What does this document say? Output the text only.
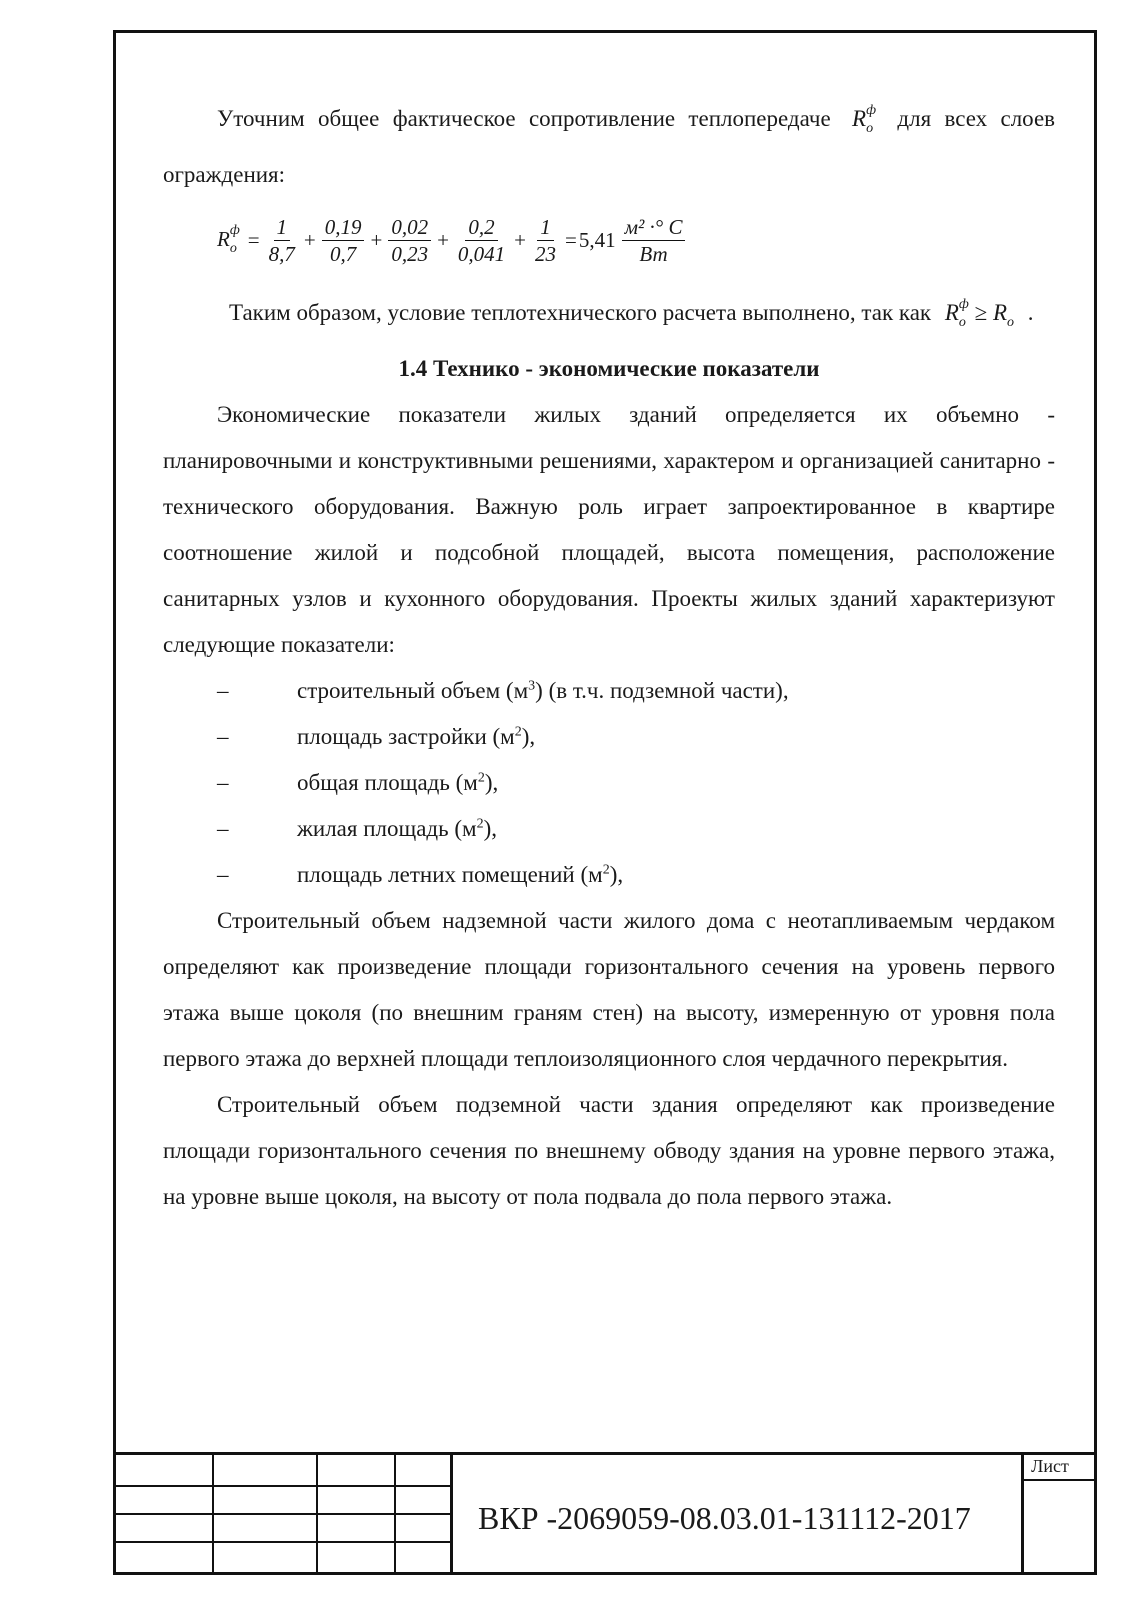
Уточним общее фактическое сопротивление теплопередаче $R_o^ф$ для всех слоев ограждения:

$R_o^ф = \frac{1}{8,7} + \frac{0,19}{0,7} + \frac{0,02}{0,23} + \frac{0,2}{0,041} + \frac{1}{23} = 5,41 \frac{\text{м² ·° С}}{Вт}$

Таким образом, условие теплотехнического расчета выполнено, так как $R_o^ф \ge R_o$ .

1.4 Технико - экономические показатели

Экономические показатели жилых зданий определяется их объемно - планировочными и конструктивными решениями, характером и организацией санитарно - технического оборудования. Важную роль играет запроектированное в квартире соотношение жилой и подсобной площадей, высота помещения, расположение санитарных узлов и кухонного оборудования. Проекты жилых зданий характеризуют следующие показатели:

–	строительный объем $(м^3)$ (в т.ч. подземной части),
–	площадь застройки $(м^2)$,
–	общая площадь $(м^2)$,
–	жилая площадь $(м^2)$,
–	площадь летних помещений $(м^2)$,

Строительный объем надземной части жилого дома с неотапливаемым чердаком определяют как произведение площади горизонтального сечения на уровень первого этажа выше цоколя (по внешним граням стен) на высоту, измеренную от уровня пола первого этажа до верхней площади теплоизоляционного слоя чердачного перекрытия.

Строительный объем подземной части здания определяют как произведение площади горизонтального сечения по внешнему обводу здания на уровне первого этажа, на уровне выше цоколя, на высоту от пола подвала до пола первого этажа.

Лист
ВКР -2069059-08.03.01-131112-2017
